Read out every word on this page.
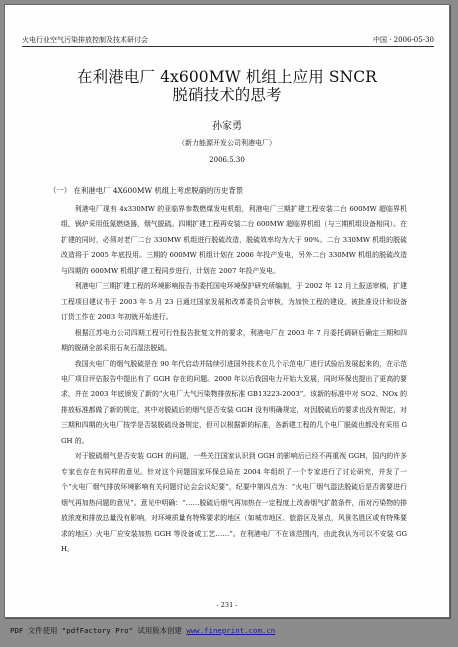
火电行业空气污染排放控制及技术研讨会	中国 · 2006-05-30
在利港电厂 4x600MW 机组上应用 SNCR
脱硝技术的思考
孙家勇
（新力能源开发公司利港电厂）
2006.5.30
（一） 在利港电厂 4X600MW 机组上考虑脱硝的历史背景

利港电厂现有 4x330MW 的亚临界参数燃煤发电机组，利港电厂三期扩建工程安装二台 600MW 超临界机组，锅炉采用低氮燃烧器，烟气脱硫。四期扩建工程再安装二台 600MW 超临界机组（与三期机组设备相同）。在扩建的同时，必须对老厂二台 330MW 机组进行脱硫改造，脱硫效率均为大于 90%。二台 330MW 机组的脱硫改造将于 2005 年底投用。三期的 600MW 机组计划在 2006 年投产发电，另外二台 330MW 机组的脱硫改造与四期的 600MW 机组扩建工程同步进行，计划在 2007 年投产发电。

利港电厂三期扩建工程的环境影响报告书委托国电环境保护研究所编制，于 2002 年 12 月上报送审稿，扩建工程项目建议书于 2003 年 5 月 23 日通过国家发展和改革委员会审核，为加快工程的建设，被批准设计和设备订货工作在 2003 年初就开始进行。

根据江苏电力公司四期工程可行性报告批复文件的要求，利港电厂在 2003 年 7 月委托调研后确定三期和四期的脱硝全部采用石灰石湿法脱硫。

我国火电厂的烟气脱硫是在 90 年代启动并陆续引进国外技术在几个示范电厂进行试验后发展起来的，在示范电厂项目评估报告中提出有了 GGH 存在的问题。2000 年以后我国电力开始大发展，同时环保也提出了更高的要求，并在 2003 年底颁发了新的“火电厂大气污染物排放标准 GB13223-2003”。该新的标准中对 SO2、NOx 的排放标准都做了新的规定，其中对脱硫后的烟气是否安装 GGH 没有明确规定，对因脱硫后的要求也没有规定，对三期和四期的火电厂按学是否装脱硫设备规定，但可以根据新的标准，各新建工程的几个电厂脱硫也都没有采用 GGH 的。

对于脱硫烟气是否安装 GGH 的问题，一些关注国家认识到 GGH 的影响后已经不再重视 GGH，国内的许多专家也存在有同样的意见。针对这个问题国家环保总局在 2004 年组织了一个专家进行了讨论研究，并发了一个“火电厂烟气排放环境影响有关问题讨论会会议纪要”，纪要中第四点为：“火电厂烟气湿法脱硫后是否需要进行烟气再加热问题的意见”。意见中明确：“……脱硫后烟气再加热在一定程度上改善烟气扩散条件，而对污染物的排放浓度和排放总量没有影响，对环境质量有特殊要求的地区（如城市地区、旅游区及景点，风景名胜区或有特殊要求的地区）火电厂应安装加热 GGH 等设备或工艺……”。在利港电厂不在该范围内，由此我认为可以不安装 GGH。

- 231 -
PDF 文件使用 "pdfFactory Pro" 试用版本创建 www.fineprint.com.cn
